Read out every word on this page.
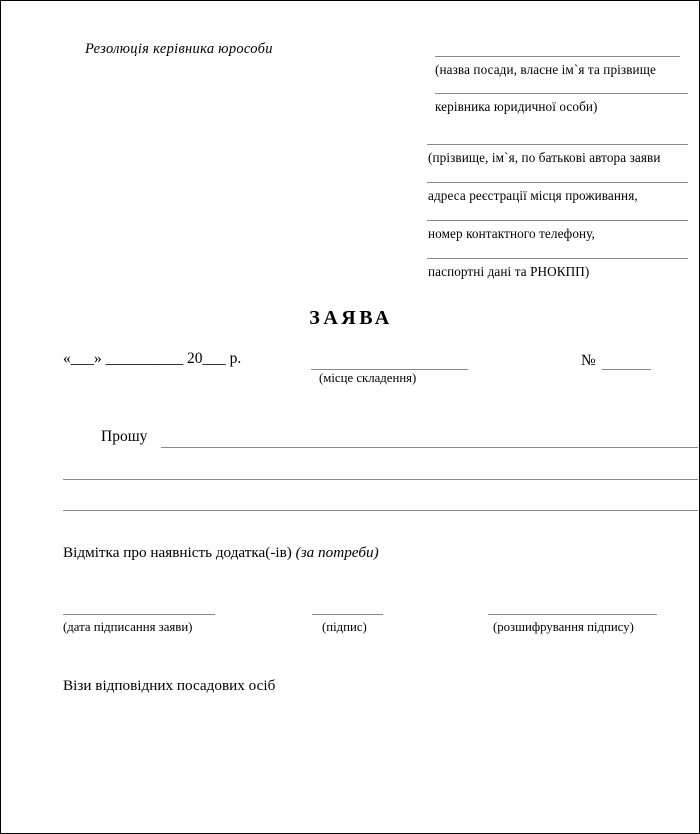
Резолюція керівника юрособи
(назва посади, власне ім`я та прізвище
керівника юридичної особи)
(прізвище, ім`я, по батькові автора заяви
адреса реєстрації місця проживання,
номер контактного телефону,
паспортні дані та РНОКПП)
ЗАЯВА
«___» __________ 20___ р.
(місце складення)
№
Прошу
Відмітка про наявність додатка(-ів) (за потреби)
(дата підписання заяви)	(підпис)	(розшифрування підпису)
Візи відповідних посадових осіб
